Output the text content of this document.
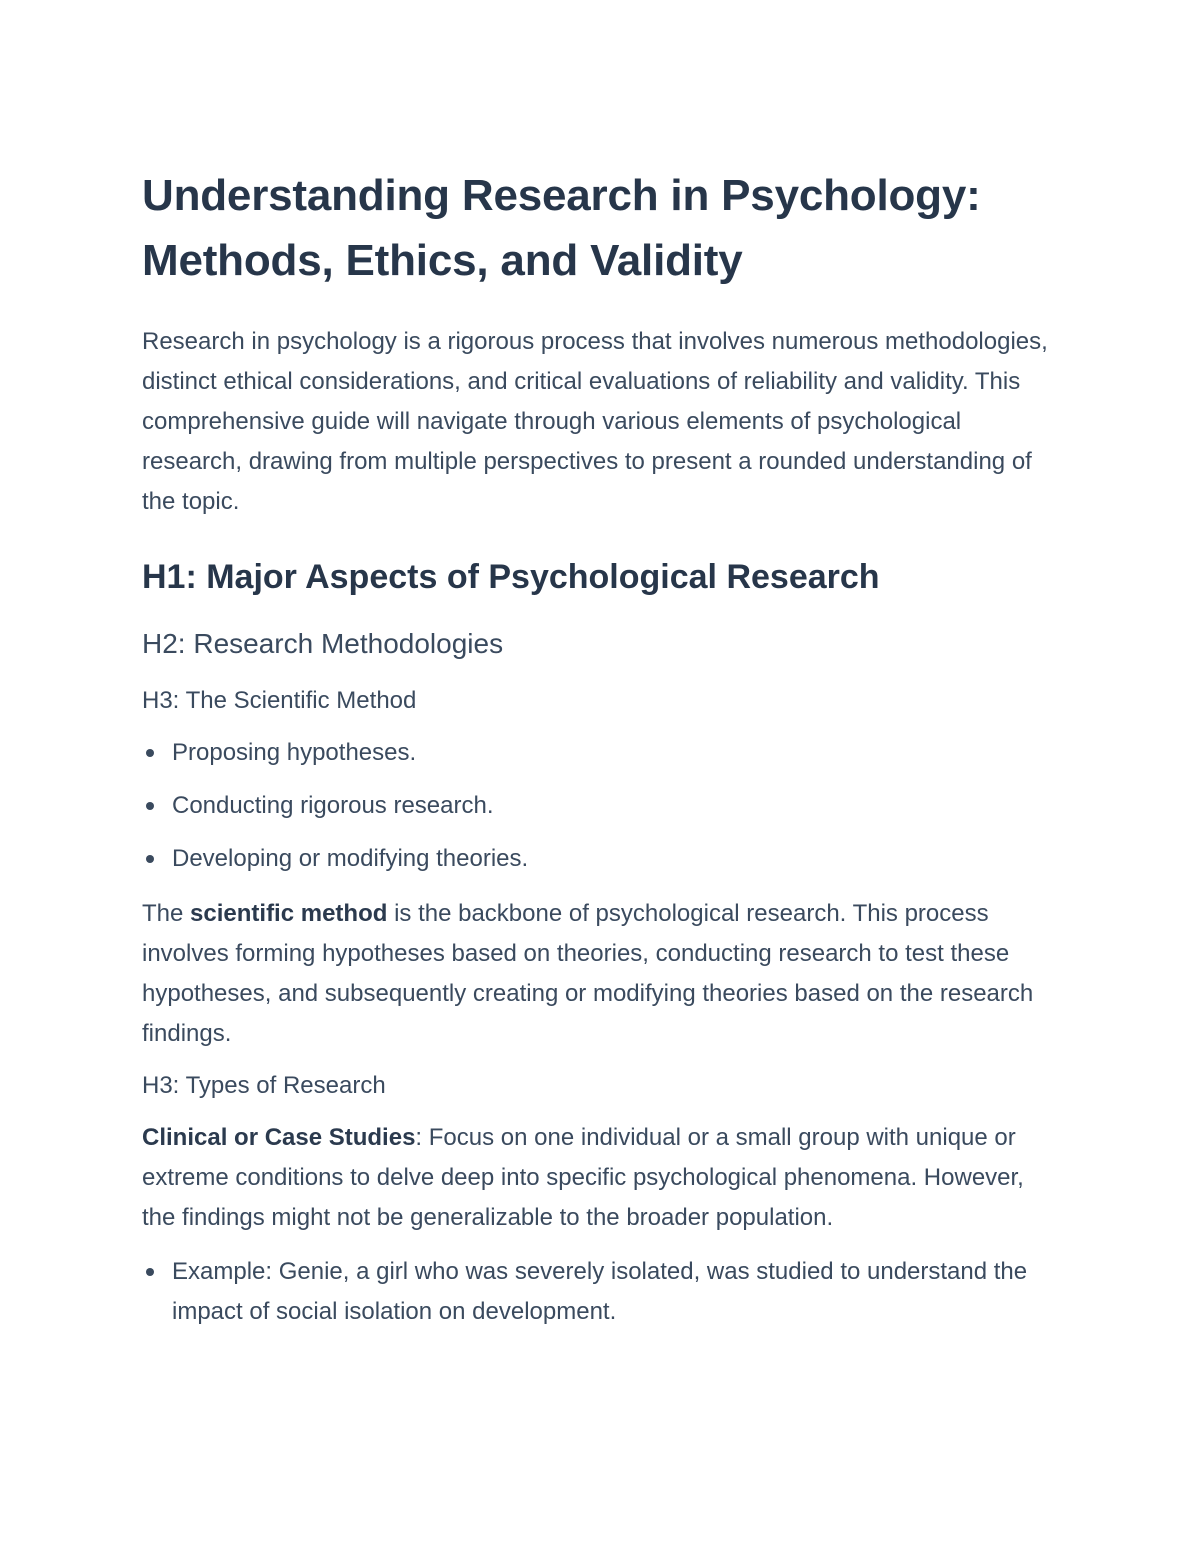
Understanding Research in Psychology:
Methods, Ethics, and Validity

Research in psychology is a rigorous process that involves numerous methodologies, distinct ethical considerations, and critical evaluations of reliability and validity. This comprehensive guide will navigate through various elements of psychological research, drawing from multiple perspectives to present a rounded understanding of the topic.

H1: Major Aspects of Psychological Research
H2: Research Methodologies
H3: The Scientific Method
Proposing hypotheses.
Conducting rigorous research.
Developing or modifying theories.

The scientific method is the backbone of psychological research. This process involves forming hypotheses based on theories, conducting research to test these hypotheses, and subsequently creating or modifying theories based on the research findings.

H3: Types of Research

Clinical or Case Studies: Focus on one individual or a small group with unique or extreme conditions to delve deep into specific psychological phenomena. However, the findings might not be generalizable to the broader population.

Example: Genie, a girl who was severely isolated, was studied to understand the impact of social isolation on development.
